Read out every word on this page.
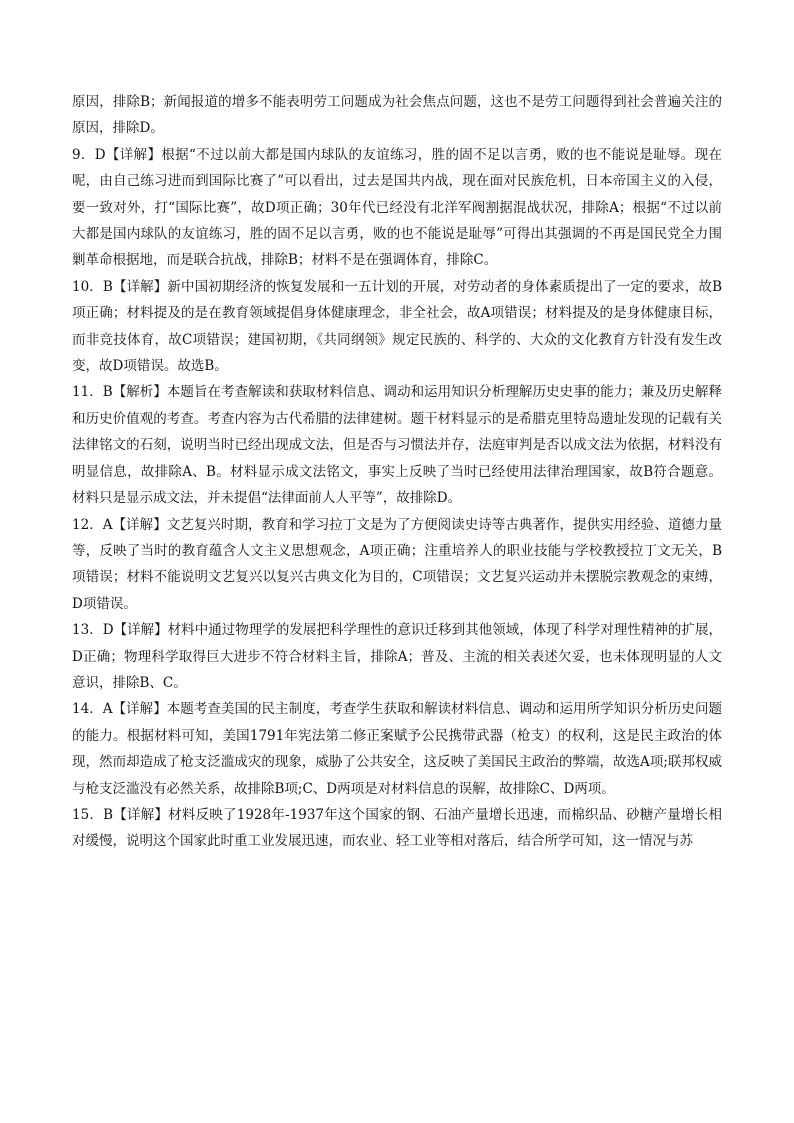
原因，排除B；新闻报道的增多不能表明劳工问题成为社会焦点问题，这也不是劳工问题得到社会普遍关注的原因，排除D。

9．D【详解】根据“不过以前大都是国内球队的友谊练习，胜的固不足以言勇，败的也不能说是耻辱。现在呢，由自己练习进而到国际比赛了”可以看出，过去是国共内战，现在面对民族危机，日本帝国主义的入侵，要一致对外，打“国际比赛”，故D项正确；30年代已经没有北洋军阀割据混战状况，排除A；根据“不过以前大都是国内球队的友谊练习，胜的固不足以言勇，败的也不能说是耻辱”可得出其强调的不再是国民党全力围剿革命根据地，而是联合抗战，排除B；材料不是在强调体育，排除C。

10．B【详解】新中国初期经济的恢复发展和一五计划的开展，对劳动者的身体素质提出了一定的要求，故B项正确；材料提及的是在教育领域提倡身体健康理念，非全社会，故A项错误；材料提及的是身体健康目标，而非竞技体育，故C项错误；建国初期，《共同纲领》规定民族的、科学的、大众的文化教育方针没有发生改变，故D项错误。故选B。

11．B【解析】本题旨在考查解读和获取材料信息、调动和运用知识分析理解历史史事的能力；兼及历史解释和历史价值观的考查。考查内容为古代希腊的法律建树。题干材料显示的是希腊克里特岛遗址发现的记载有关法律铭文的石刻，说明当时已经出现成文法，但是否与习惯法并存，法庭审判是否以成文法为依据，材料没有明显信息，故排除A、B。材料显示成文法铭文，事实上反映了当时已经使用法律治理国家，故B符合题意。材料只是显示成文法，并未提倡“法律面前人人平等”，故排除D。

12．A【详解】文艺复兴时期，教育和学习拉丁文是为了方便阅读史诗等古典著作，提供实用经验、道德力量等，反映了当时的教育蕴含人文主义思想观念，A项正确；注重培养人的职业技能与学校教授拉丁文无关，B项错误；材料不能说明文艺复兴以复兴古典文化为目的，C项错误；文艺复兴运动并未摆脱宗教观念的束缚，D项错误。

13．D【详解】材料中通过物理学的发展把科学理性的意识迁移到其他领域，体现了科学对理性精神的扩展，D正确；物理科学取得巨大进步不符合材料主旨，排除A；普及、主流的相关表述欠妥，也未体现明显的人文意识，排除B、C。

14．A【详解】本题考查美国的民主制度，考查学生获取和解读材料信息、调动和运用所学知识分析历史问题的能力。根据材料可知，美国1791年宪法第二修正案赋予公民携带武器（枪支）的权利，这是民主政治的体现，然而却造成了枪支泛滥成灾的现象，威胁了公共安全，这反映了美国民主政治的弊端，故选A项;联邦权威与枪支泛滥没有必然关系，故排除B项;C、D两项是对材料信息的误解，故排除C、D两项。

15．B【详解】材料反映了1928年-1937年这个国家的钢、石油产量增长迅速，而棉织品、砂糖产量增长相对缓慢，说明这个国家此时重工业发展迅速，而农业、轻工业等相对落后，结合所学可知，这一情况与苏
